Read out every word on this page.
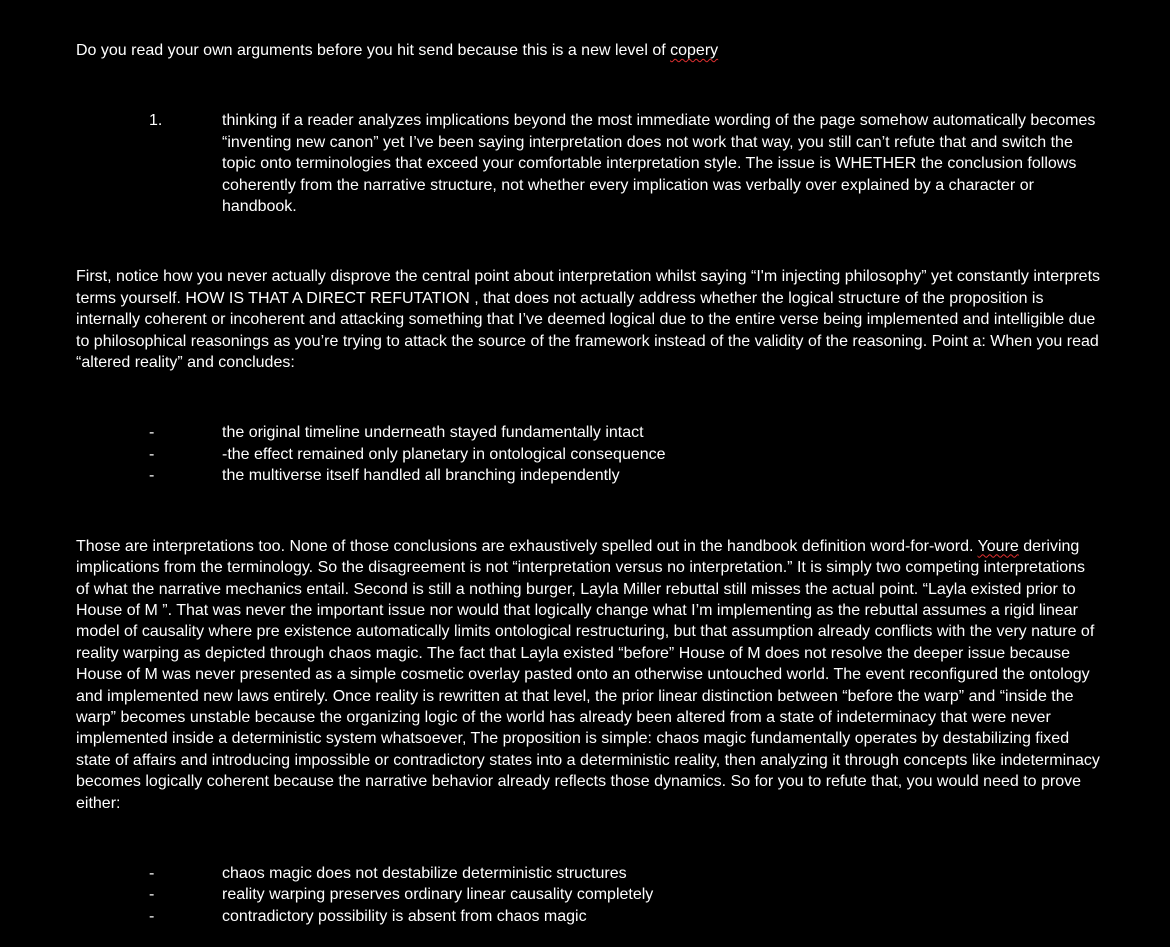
Do you read your own arguments before you hit send because this is a new level of copery

1.	thinking if a reader analyzes implications beyond the most immediate wording of the page somehow automatically becomes “inventing new canon” yet I’ve been saying interpretation does not work that way, you still can’t refute that and switch the topic onto terminologies that exceed your comfortable interpretation style. The issue is WHETHER the conclusion follows coherently from the narrative structure, not whether every implication was verbally over explained by a character or handbook.

First, notice how you never actually disprove the central point about interpretation whilst saying “I'm injecting philosophy” yet constantly interprets terms yourself. HOW IS THAT A DIRECT REFUTATION , that does not actually address whether the logical structure of the proposition is internally coherent or incoherent and attacking something that I’ve deemed logical due to the entire verse being implemented and intelligible due to philosophical reasonings as you’re trying to attack the source of the framework instead of the validity of the reasoning. Point a: When you read “altered reality” and concludes:

-	the original timeline underneath stayed fundamentally intact
-	-the effect remained only planetary in ontological consequence
-	the multiverse itself handled all branching independently

Those are interpretations too. None of those conclusions are exhaustively spelled out in the handbook definition word-for-word. Youre deriving implications from the terminology. So the disagreement is not “interpretation versus no interpretation.” It is simply two competing interpretations of what the narrative mechanics entail. Second is still a nothing burger, Layla Miller rebuttal still misses the actual point. “Layla existed prior to House of M ”. That was never the important issue nor would that logically change what I’m implementing as the rebuttal assumes a rigid linear model of causality where pre existence automatically limits ontological restructuring, but that assumption already conflicts with the very nature of reality warping as depicted through chaos magic. The fact that Layla existed “before” House of M does not resolve the deeper issue because House of M was never presented as a simple cosmetic overlay pasted onto an otherwise untouched world. The event reconfigured the ontology and implemented new laws entirely. Once reality is rewritten at that level, the prior linear distinction between “before the warp” and “inside the warp” becomes unstable because the organizing logic of the world has already been altered from a state of indeterminacy that were never implemented inside a deterministic system whatsoever, The proposition is simple: chaos magic fundamentally operates by destabilizing fixed state of affairs and introducing impossible or contradictory states into a deterministic reality, then analyzing it through concepts like indeterminacy becomes logically coherent because the narrative behavior already reflects those dynamics. So for you to refute that, you would need to prove either:

-	chaos magic does not destabilize deterministic structures
-	reality warping preserves ordinary linear causality completely
-	contradictory possibility is absent from chaos magic
